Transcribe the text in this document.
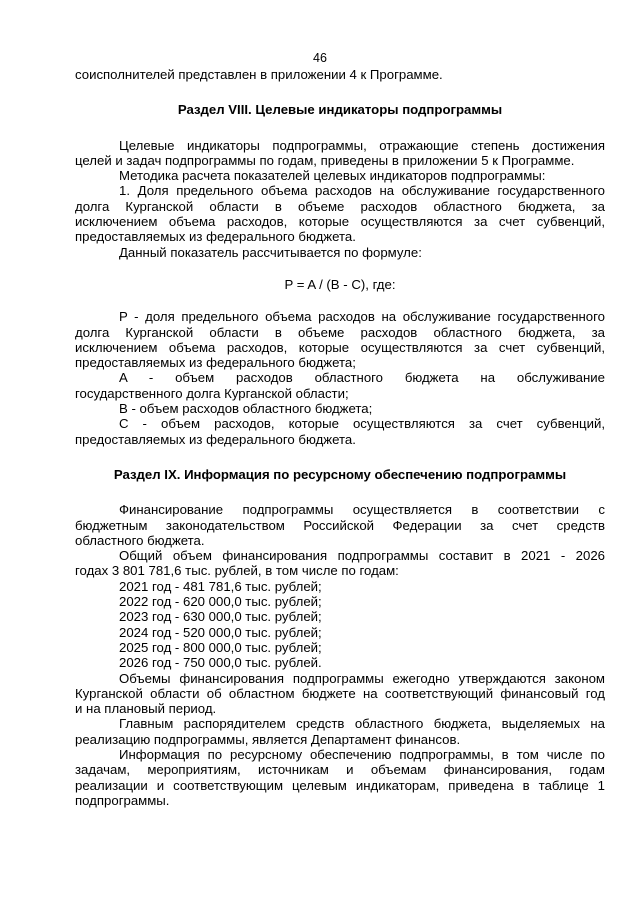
46
соисполнителей представлен в приложении 4 к Программе.
Раздел VIII. Целевые индикаторы подпрограммы
Целевые индикаторы подпрограммы, отражающие степень достижения
целей и задач подпрограммы по годам, приведены в приложении 5 к Программе.
Методика расчета показателей целевых индикаторов подпрограммы:
1. Доля предельного объема расходов на обслуживание государственного
долга Курганской области в объеме расходов областного бюджета, за
исключением объема расходов, которые осуществляются за счет субвенций,
предоставляемых из федерального бюджета.
Данный показатель рассчитывается по формуле:
P = A / (B - C), где:
P - доля предельного объема расходов на обслуживание государственного
долга Курганской области в объеме расходов областного бюджета, за
исключением объема расходов, которые осуществляются за счет субвенций,
предоставляемых из федерального бюджета;
A - объем расходов областного бюджета на обслуживание
государственного долга Курганской области;
B - объем расходов областного бюджета;
C - объем расходов, которые осуществляются за счет субвенций,
предоставляемых из федерального бюджета.
Раздел IX. Информация по ресурсному обеспечению подпрограммы
Финансирование подпрограммы осуществляется в соответствии с
бюджетным законодательством Российской Федерации за счет средств
областного бюджета.
Общий объем финансирования подпрограммы составит в 2021 - 2026
годах 3 801 781,6 тыс. рублей, в том числе по годам:
2021 год - 481 781,6 тыс. рублей;
2022 год - 620 000,0 тыс. рублей;
2023 год - 630 000,0 тыс. рублей;
2024 год - 520 000,0 тыс. рублей;
2025 год - 800 000,0 тыс. рублей;
2026 год - 750 000,0 тыс. рублей.
Объемы финансирования подпрограммы ежегодно утверждаются законом
Курганской области об областном бюджете на соответствующий финансовый год
и на плановый период.
Главным распорядителем средств областного бюджета, выделяемых на
реализацию подпрограммы, является Департамент финансов.
Информация по ресурсному обеспечению подпрограммы, в том числе по
задачам, мероприятиям, источникам и объемам финансирования, годам
реализации и соответствующим целевым индикаторам, приведена в таблице 1
подпрограммы.
